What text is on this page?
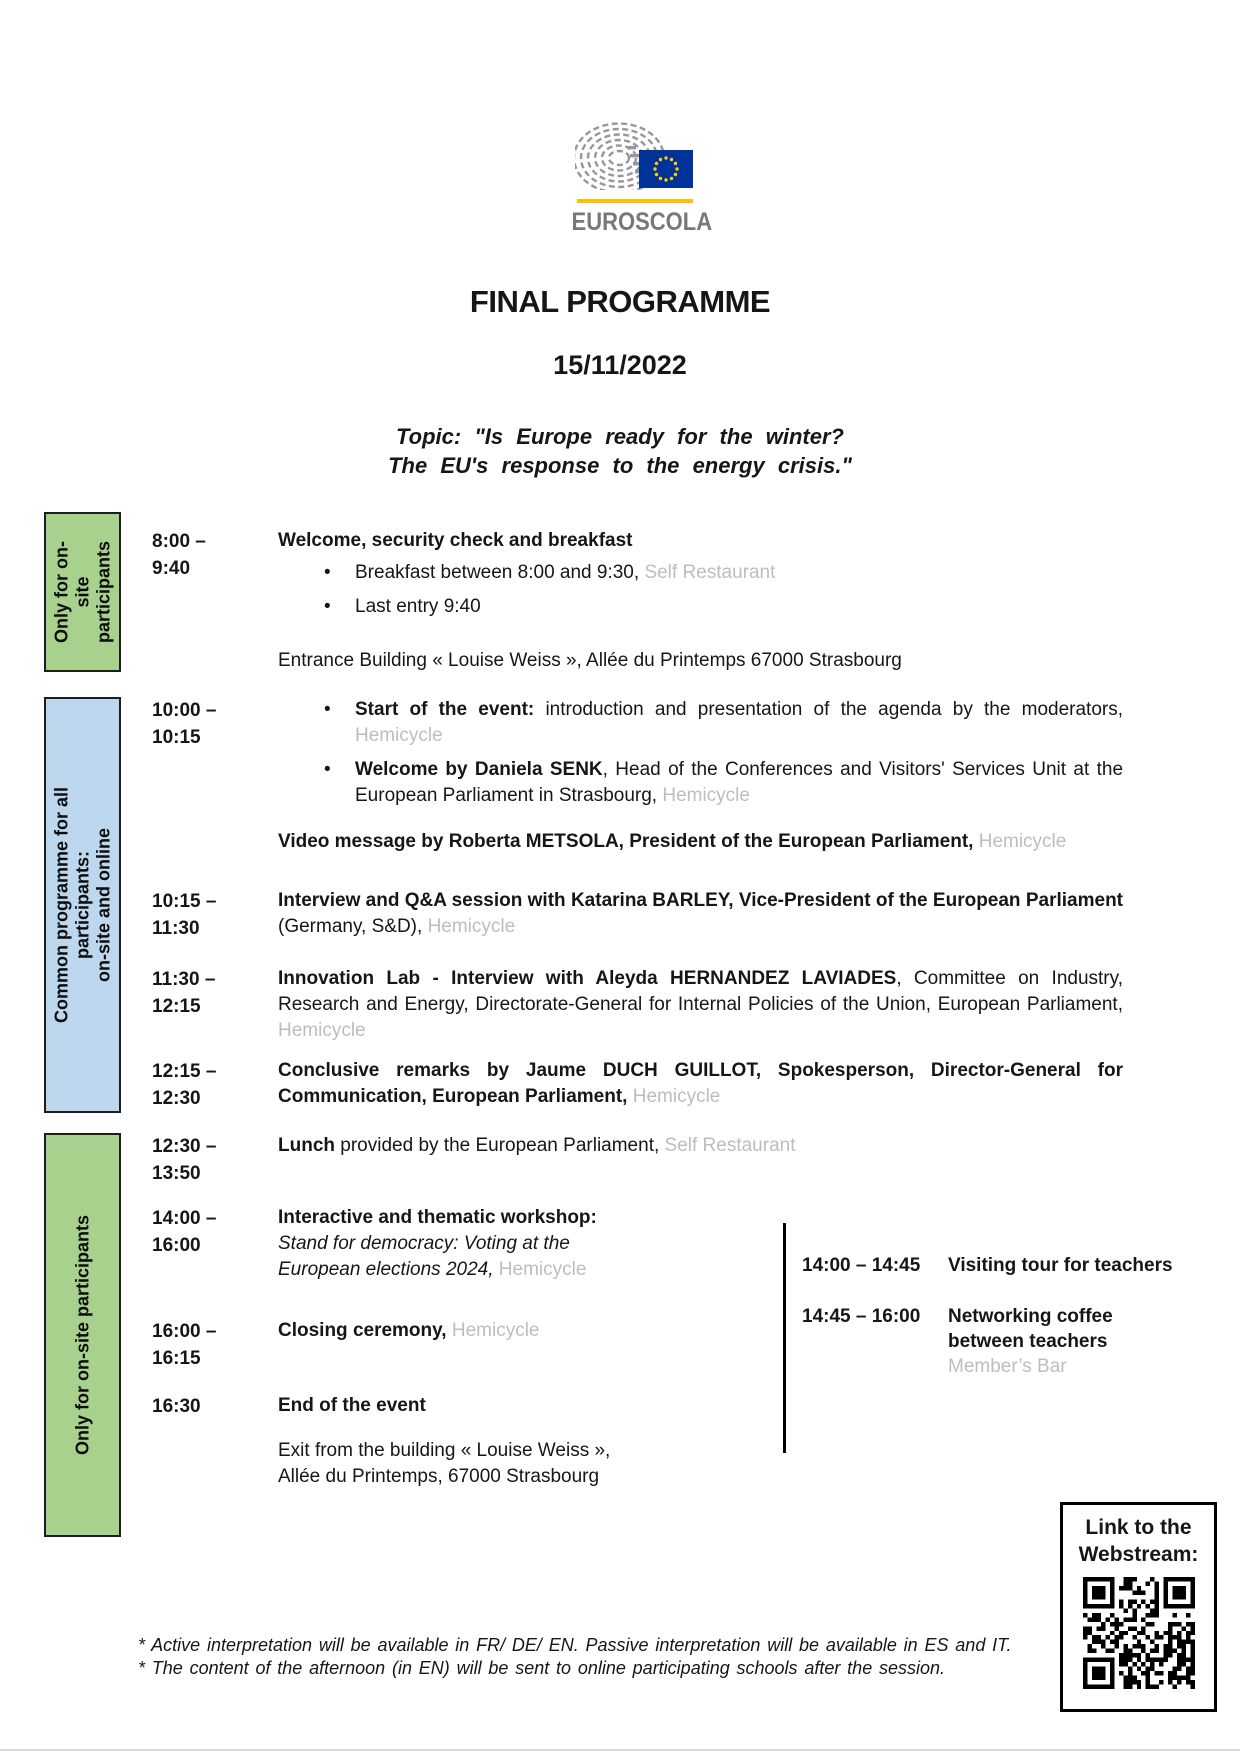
EUROSCOLA
FINAL PROGRAMME
15/11/2022
Topic: "Is Europe ready for the winter?
The EU's response to the energy crisis."
Only for on- site participants
Common programme for all participants: on-site and online
Only for on-site participants
8:00 –
9:40
Welcome, security check and breakfast
• Breakfast between 8:00 and 9:30, Self Restaurant
• Last entry 9:40
Entrance Building « Louise Weiss », Allée du Printemps 67000 Strasbourg
10:00 –
10:15
• Start of the event: introduction and presentation of the agenda by the moderators, Hemicycle
• Welcome by Daniela SENK, Head of the Conferences and Visitors' Services Unit at the European Parliament in Strasbourg, Hemicycle
Video message by Roberta METSOLA, President of the European Parliament, Hemicycle
10:15 –
11:30
Interview and Q&A session with Katarina BARLEY, Vice-President of the European Parliament (Germany, S&D), Hemicycle
11:30 –
12:15
Innovation Lab - Interview with Aleyda HERNANDEZ LAVIADES, Committee on Industry, Research and Energy, Directorate-General for Internal Policies of the Union, European Parliament, Hemicycle
12:15 –
12:30
Conclusive remarks by Jaume DUCH GUILLOT, Spokesperson, Director-General for Communication, European Parliament, Hemicycle
12:30 –
13:50
Lunch provided by the European Parliament, Self Restaurant
14:00 –
16:00
Interactive and thematic workshop:
Stand for democracy: Voting at the European elections 2024, Hemicycle
16:00 –
16:15
Closing ceremony, Hemicycle
16:30	End of the event
Exit from the building « Louise Weiss »,
Allée du Printemps, 67000 Strasbourg
14:00 – 14:45	Visiting tour for teachers
14:45 – 16:00	Networking coffee
between teachers
Member’s Bar
Link to the
Webstream:
* Active interpretation will be available in FR/ DE/ EN. Passive interpretation will be available in ES and IT.
* The content of the afternoon (in EN) will be sent to online participating schools after the session.
